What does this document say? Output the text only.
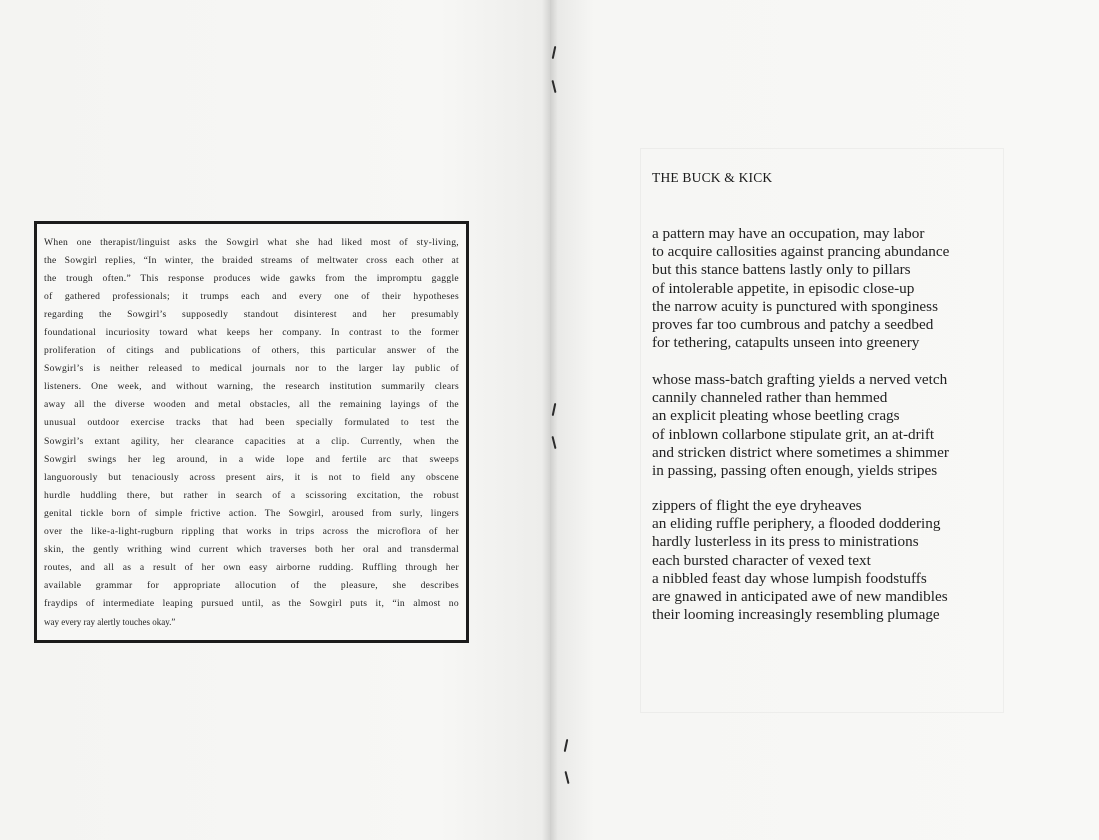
When one therapist/linguist asks the Sowgirl what she had liked most of sty-living,
the Sowgirl replies, “In winter, the braided streams of meltwater cross each other at
the trough often.” This response produces wide gawks from the impromptu gaggle
of gathered professionals; it trumps each and every one of their hypotheses
regarding the Sowgirl’s supposedly standout disinterest and her presumably
foundational incuriosity toward what keeps her company. In contrast to the former
proliferation of citings and publications of others, this particular answer of the
Sowgirl’s is neither released to medical journals nor to the larger lay public of
listeners. One week, and without warning, the research institution summarily clears
away all the diverse wooden and metal obstacles, all the remaining layings of the
unusual outdoor exercise tracks that had been specially formulated to test the
Sowgirl’s extant agility, her clearance capacities at a clip. Currently, when the
Sowgirl swings her leg around, in a wide lope and fertile arc that sweeps
languorously but tenaciously across present airs, it is not to field any obscene
hurdle huddling there, but rather in search of a scissoring excitation, the robust
genital tickle born of simple frictive action. The Sowgirl, aroused from surly, lingers
over the like-a-light-rugburn rippling that works in trips across the microflora of her
skin, the gently writhing wind current which traverses both her oral and transdermal
routes, and all as a result of her own easy airborne rudding. Ruffling through her
available grammar for appropriate allocution of the pleasure, she describes
fraydips of intermediate leaping pursued until, as the Sowgirl puts it, “in almost no
way every ray alertly touches okay.”

THE BUCK & KICK
a pattern may have an occupation, may labor
to acquire callosities against prancing abundance
but this stance battens lastly only to pillars
of intolerable appetite, in episodic close-up
the narrow acuity is punctured with sponginess
proves far too cumbrous and patchy a seedbed
for tethering, catapults unseen into greenery
whose mass-batch grafting yields a nerved vetch
cannily channeled rather than hemmed
an explicit pleating whose beetling crags
of inblown collarbone stipulate grit, an at-drift
and stricken district where sometimes a shimmer
in passing, passing often enough, yields stripes
zippers of flight the eye dryheaves
an eliding ruffle periphery, a flooded doddering
hardly lusterless in its press to ministrations
each bursted character of vexed text
a nibbled feast day whose lumpish foodstuffs
are gnawed in anticipated awe of new mandibles
their looming increasingly resembling plumage
